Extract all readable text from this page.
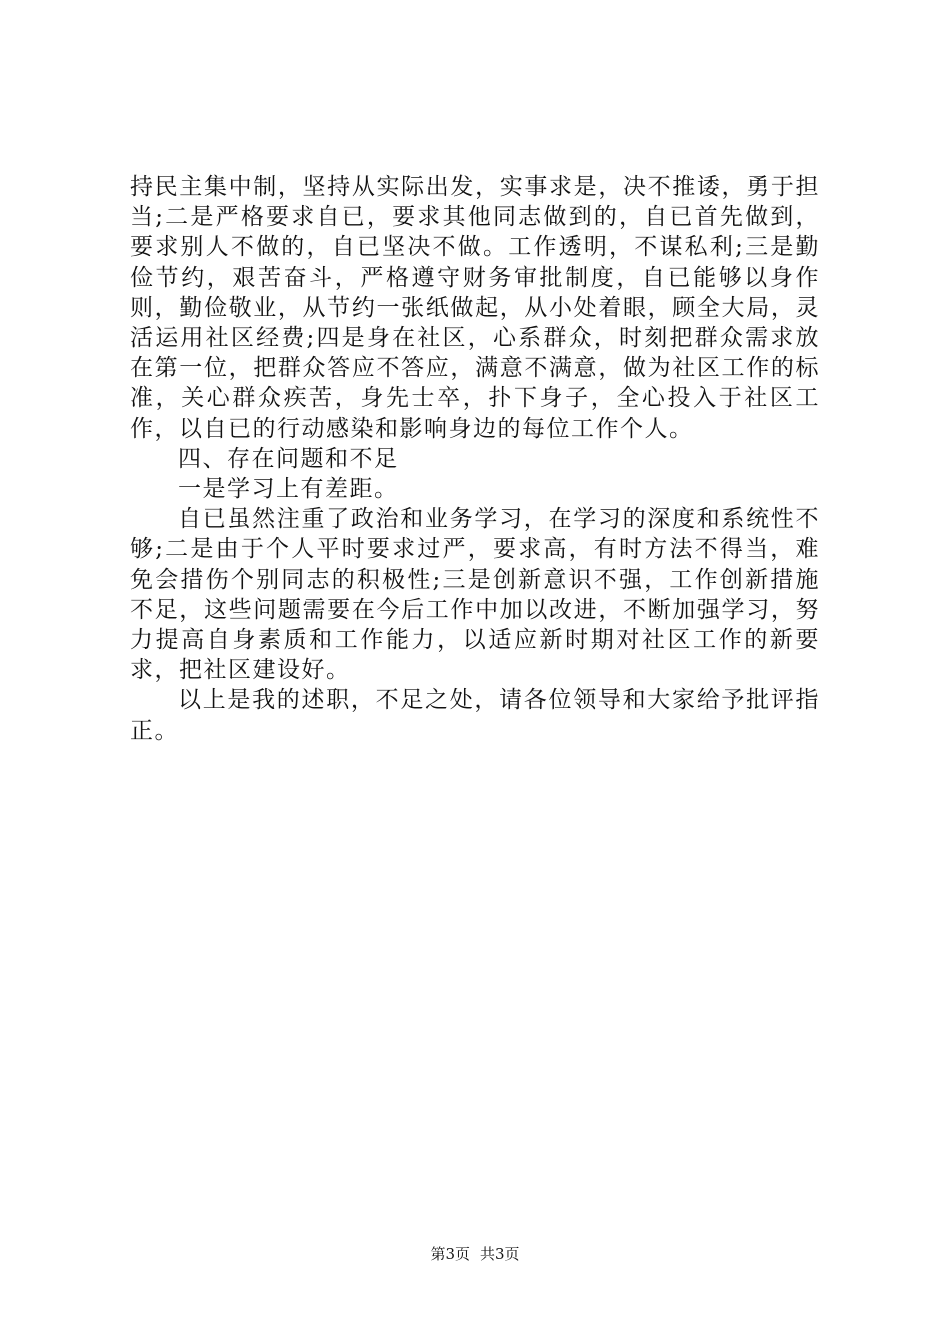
持民主集中制，坚持从实际出发，实事求是，决不推诿，勇于担当;二是严格要求自已，要求其他同志做到的，自已首先做到，要求别人不做的，自已坚决不做。工作透明，不谋私利;三是勤俭节约，艰苦奋斗，严格遵守财务审批制度，自已能够以身作则，勤俭敬业，从节约一张纸做起，从小处着眼，顾全大局，灵活运用社区经费;四是身在社区，心系群众，时刻把群众需求放在第一位，把群众答应不答应，满意不满意，做为社区工作的标准，关心群众疾苦，身先士卒，扑下身子，全心投入于社区工作，以自已的行动感染和影响身边的每位工作个人。

四、存在问题和不足

一是学习上有差距。

自已虽然注重了政治和业务学习，在学习的深度和系统性不够;二是由于个人平时要求过严，要求高，有时方法不得当，难免会措伤个别同志的积极性;三是创新意识不强，工作创新措施不足，这些问题需要在今后工作中加以改进，不断加强学习，努力提高自身素质和工作能力，以适应新时期对社区工作的新要求，把社区建设好。

以上是我的述职，不足之处，请各位领导和大家给予批评指正。

第3页 共3页
